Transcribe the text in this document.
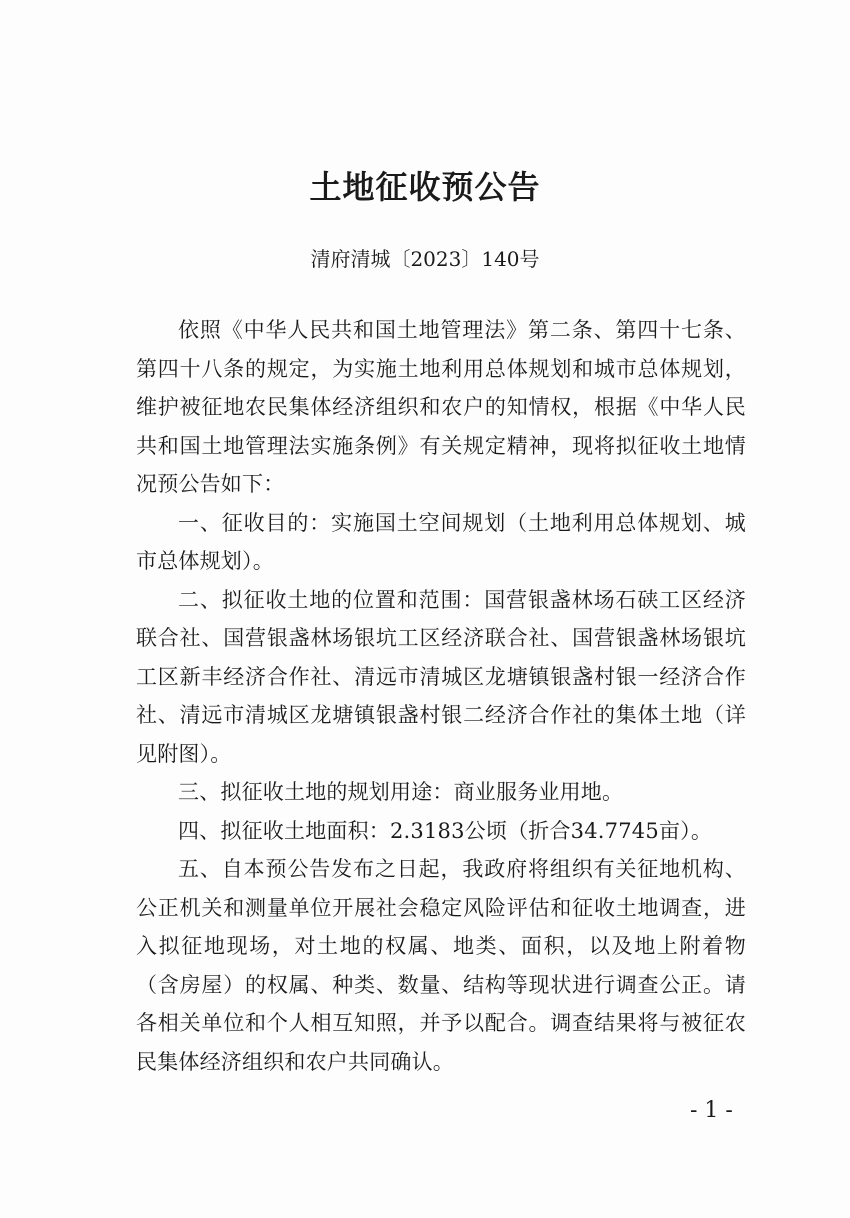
土地征收预公告

清府清城〔2023〕140号

依照《中华人民共和国土地管理法》第二条、第四十七条、第四十八条的规定，为实施土地利用总体规划和城市总体规划，维护被征地农民集体经济组织和农户的知情权，根据《中华人民共和国土地管理法实施条例》有关规定精神，现将拟征收土地情况预公告如下：

一、征收目的：实施国土空间规划（土地利用总体规划、城市总体规划）。

二、拟征收土地的位置和范围：国营银盏林场石硖工区经济联合社、国营银盏林场银坑工区经济联合社、国营银盏林场银坑工区新丰经济合作社、清远市清城区龙塘镇银盏村银一经济合作社、清远市清城区龙塘镇银盏村银二经济合作社的集体土地（详见附图）。

三、拟征收土地的规划用途：商业服务业用地。

四、拟征收土地面积：2.3183公顷（折合34.7745亩）。

五、自本预公告发布之日起，我政府将组织有关征地机构、公正机关和测量单位开展社会稳定风险评估和征收土地调查，进入拟征地现场，对土地的权属、地类、面积，以及地上附着物（含房屋）的权属、种类、数量、结构等现状进行调查公正。请各相关单位和个人相互知照，并予以配合。调查结果将与被征农民集体经济组织和农户共同确认。

- 1 -
